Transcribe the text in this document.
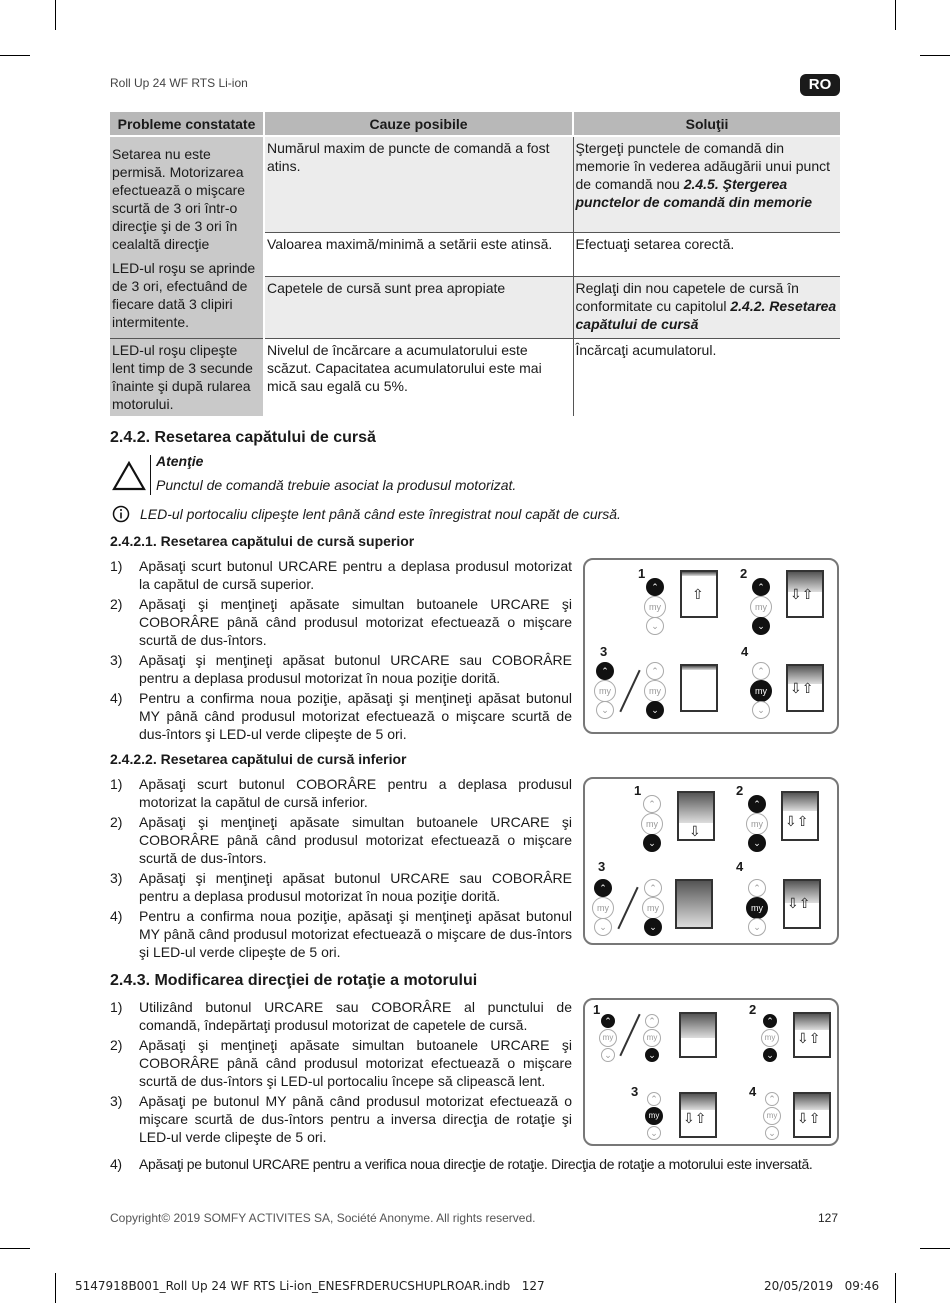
Roll Up 24 WF RTS Li-ion	RO
Probleme constatate	Cauze posibile	Soluţii

Setarea nu este permisă. Motorizarea efectuează o mişcare scurtă de 3 ori într-o direcţie şi de 3 ori în cealaltă direcţie
LED-ul roşu se aprinde de 3 ori, efectuând de fiecare dată 3 clipiri intermitente.	Numărul maxim de puncte de comandă a fost atins.	Ştergeţi punctele de comandă din memorie în vederea adăugării unui punct de comandă nou 2.4.5. Ştergerea punctelor de comandă din memorie
	Valoarea maximă/minimă a setării este atinsă.	Efectuaţi setarea corectă.
	Capetele de cursă sunt prea apropiate	Reglaţi din nou capetele de cursă în conformitate cu capitolul 2.4.2. Resetarea capătului de cursă
LED-ul roşu clipeşte lent timp de 3 secunde înainte şi după rularea motorului.	Nivelul de încărcare a acumulatorului este scăzut. Capacitatea acumulatorului este mai mică sau egală cu 5%.	Încărcaţi acumulatorul.
2.4.2. Resetarea capătului de cursă
Atenţie
Punctul de comandă trebuie asociat la produsul motorizat.
LED-ul portocaliu clipeşte lent până când este înregistrat noul capăt de cursă.
2.4.2.1. Resetarea capătului de cursă superior
1) Apăsaţi scurt butonul URCARE pentru a deplasa produsul motorizat la capătul de cursă superior.
2) Apăsaţi şi menţineţi apăsate simultan butoanele URCARE şi COBORÂRE până când produsul motorizat efectuează o mişcare scurtă de dus-întors.
3) Apăsaţi şi menţineţi apăsat butonul URCARE sau COBORÂRE pentru a deplasa produsul motorizat în noua poziţie dorită.
4) Pentru a confirma noua poziţie, apăsaţi şi menţineţi apăsat butonul MY până când produsul motorizat efectuează o mişcare scurtă de dus-întors şi LED-ul verde clipeşte de 5 ori.
1
⌃
my
⌄
⇧
2
⌃
my
⌄
⇩⇧
3
⌃
my
⌄
⌃
my
⌄
4
⌃
my
⌄
⇩⇧
2.4.2.2. Resetarea capătului de cursă inferior
1) Apăsaţi scurt butonul COBORÂRE pentru a deplasa produsul motorizat la capătul de cursă inferior.
2) Apăsaţi şi menţineţi apăsate simultan butoanele URCARE şi COBORÂRE până când produsul motorizat efectuează o mişcare scurtă de dus-întors.
3) Apăsaţi şi menţineţi apăsat butonul URCARE sau COBORÂRE pentru a deplasa produsul motorizat în noua poziţie dorită.
4) Pentru a confirma noua poziţie, apăsaţi şi menţineţi apăsat butonul MY până când produsul motorizat efectuează o mişcare de dus-întors şi LED-ul verde clipeşte de 5 ori.
1
⌃
my
⌄
⇩
2
⌃
my
⌄
⇩⇧
3
⌃
my
⌄
⌃
my
⌄
4
⌃
my
⌄
⇩⇧
2.4.3. Modificarea direcţiei de rotaţie a motorului
1) Utilizând butonul URCARE sau COBORÂRE al punctului de comandă, îndepărtaţi produsul motorizat de capetele de cursă.
2) Apăsaţi şi menţineţi apăsate simultan butoanele URCARE şi COBORÂRE până când produsul motorizat efectuează o mişcare scurtă de dus-întors şi LED-ul portocaliu începe să clipească lent.
3) Apăsaţi pe butonul MY până când produsul motorizat efectuează o mişcare scurtă de dus-întors pentru a inversa direcţia de rotaţie şi LED-ul verde clipeşte de 5 ori.
4) Apăsaţi pe butonul URCARE pentru a verifica noua direcţie de rotaţie. Direcţia de rotaţie a motorului este inversată.
1
⌃
my
⌄
⌃
my
⌄
2
⌃
my
⌄
⇩⇧
3	⌃
my
⌄
⇩⇧
4	⌃
my
⌄
⇩⇧
Copyright© 2019 SOMFY ACTIVITES SA, Société Anonyme. All rights reserved.	127
5147918B001_Roll Up 24 WF RTS Li-ion_ENESFRDERUCSHUPLROAR.indb   127	20/05/2019   09:46
